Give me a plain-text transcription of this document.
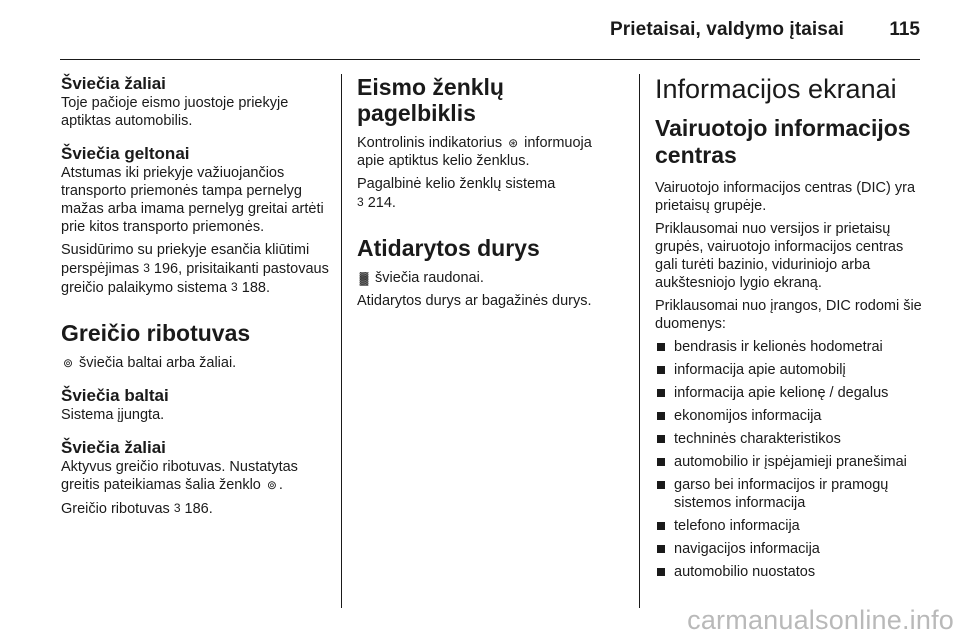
Prietaisai, valdymo įtaisai 115

Šviečia žaliai

Toje pačioje eismo juostoje priekyje aptiktas automobilis.

Šviečia geltonai

Atstumas iki priekyje važiuojančios transporto priemonės tampa pernelyg mažas arba imama pernelyg greitai artėti prie kitos transporto priemonės.

Susidūrimo su priekyje esančia kliūtimi perspėjimas 3 196, prisitaikanti pastovaus greičio palaikymo sistema 3 188.

Greičio ribotuvas

⊚ šviečia baltai arba žaliai.

Šviečia baltai

Sistema įjungta.

Šviečia žaliai

Aktyvus greičio ribotuvas. Nustatytas greitis pateikiamas šalia ženklo ⊚ .

Greičio ribotuvas 3 186.

Eismo ženklų pagelbiklis

Kontrolinis indikatorius ⊛ informuoja apie aptiktus kelio ženklus.

Pagalbinė kelio ženklų sistema
3 214.

Atidarytos durys

▓ šviečia raudonai.

Atidarytos durys ar bagažinės durys.

Informacijos ekranai

Vairuotojo informacijos centras

Vairuotojo informacijos centras (DIC) yra prietaisų grupėje.

Priklausomai nuo versijos ir prietaisų grupės, vairuotojo informacijos centras gali turėti bazinio, viduriniojo arba aukštesniojo lygio ekraną.

Priklausomai nuo įrangos, DIC rodomi šie duomenys:

bendrasis ir kelionės hodometrai
informacija apie automobilį
informacija apie kelionę / degalus
ekonomijos informacija
techninės charakteristikos
automobilio ir įspėjamieji pranešimai
garso bei informacijos ir pramogų sistemos informacija
telefono informacija
navigacijos informacija
automobilio nuostatos
carmanualsonline.info
